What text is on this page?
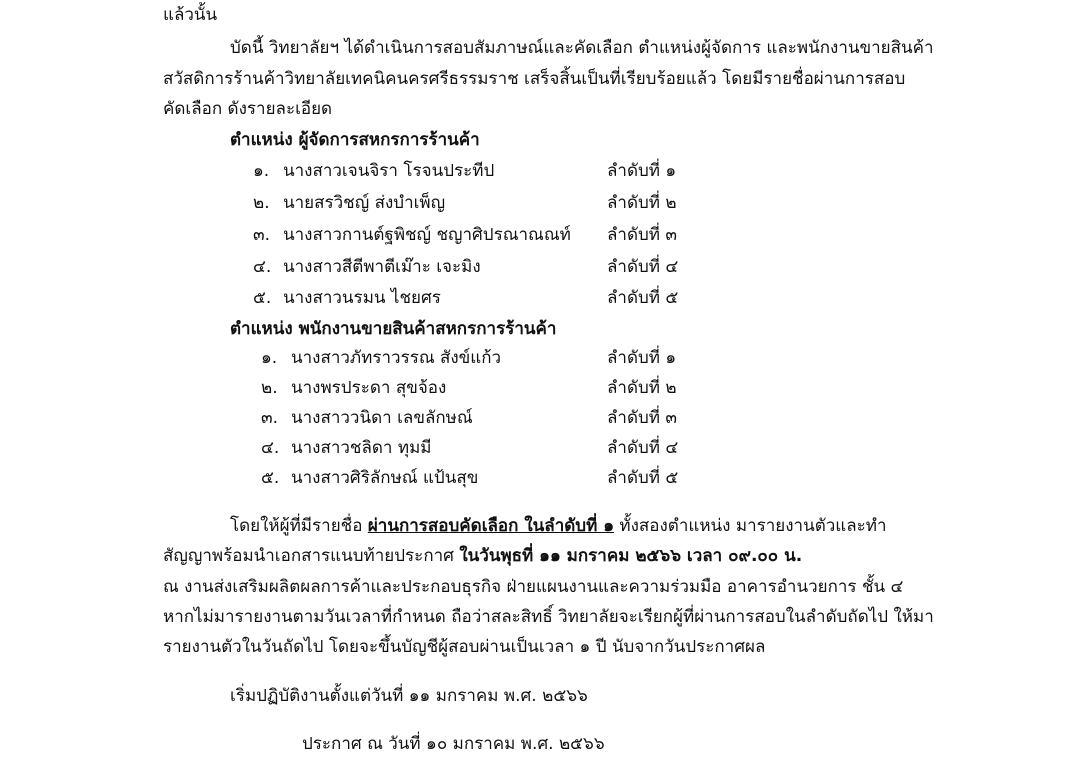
แล้วนั้น
บัดนี้ วิทยาลัยฯ ได้ดำเนินการสอบสัมภาษณ์และคัดเลือก ตำแหน่งผู้จัดการ และพนักงานขายสินค้า
สวัสดิการร้านค้าวิทยาลัยเทคนิคนครศรีธรรมราช เสร็จสิ้นเป็นที่เรียบร้อยแล้ว โดยมีรายชื่อผ่านการสอบ
คัดเลือก ดังรายละเอียด
ตำแหน่ง ผู้จัดการสหกรการร้านค้า
๑. นางสาวเจนจิรา โรจนประทีป	ลำดับที่ ๑
๒. นายสรวิชญ์ ส่งบำเพ็ญ	ลำดับที่ ๒
๓. นางสาวกานต์ฐพิชญ์ ชญาศิปรณาณณท์ ลำดับที่ ๓
๔. นางสาวสีตีพาตีเม๊าะ เจะมิง	ลำดับที่ ๔
๕. นางสาวนรมน ไชยศร	ลำดับที่ ๕
ตำแหน่ง พนักงานขายสินค้าสหกรการร้านค้า
๑. นางสาวภัทราวรรณ สังข์แก้ว	ลำดับที่ ๑
๒. นางพรประดา สุขจ้อง	ลำดับที่ ๒
๓. นางสาววนิดา เลขลักษณ์	ลำดับที่ ๓
๔. นางสาวชลิดา ทุมมี	ลำดับที่ ๔
๕. นางสาวศิริลักษณ์ แป้นสุข	ลำดับที่ ๕
โดยให้ผู้ที่มีรายชื่อ ผ่านการสอบคัดเลือก ในลำดับที่ ๑ ทั้งสองตำแหน่ง มารายงานตัวและทำ
สัญญาพร้อมนำเอกสารแนบท้ายประกาศ ในวันพุธที่ ๑๑ มกราคม ๒๕๖๖ เวลา ๐๙.๐๐ น.
ณ งานส่งเสริมผลิตผลการค้าและประกอบธุรกิจ ฝ่ายแผนงานและความร่วมมือ อาคารอำนวยการ ชั้น ๔
หากไม่มารายงานตามวันเวลาที่กำหนด ถือว่าสละสิทธิ์ วิทยาลัยจะเรียกผู้ที่ผ่านการสอบในลำดับถัดไป ให้มา
รายงานตัวในวันถัดไป โดยจะขึ้นบัญชีผู้สอบผ่านเป็นเวลา ๑ ปี นับจากวันประกาศผล
เริ่มปฏิบัติงานตั้งแต่วันที่ ๑๑ มกราคม พ.ศ. ๒๕๖๖
ประกาศ ณ วันที่ ๑๐ มกราคม พ.ศ. ๒๕๖๖
